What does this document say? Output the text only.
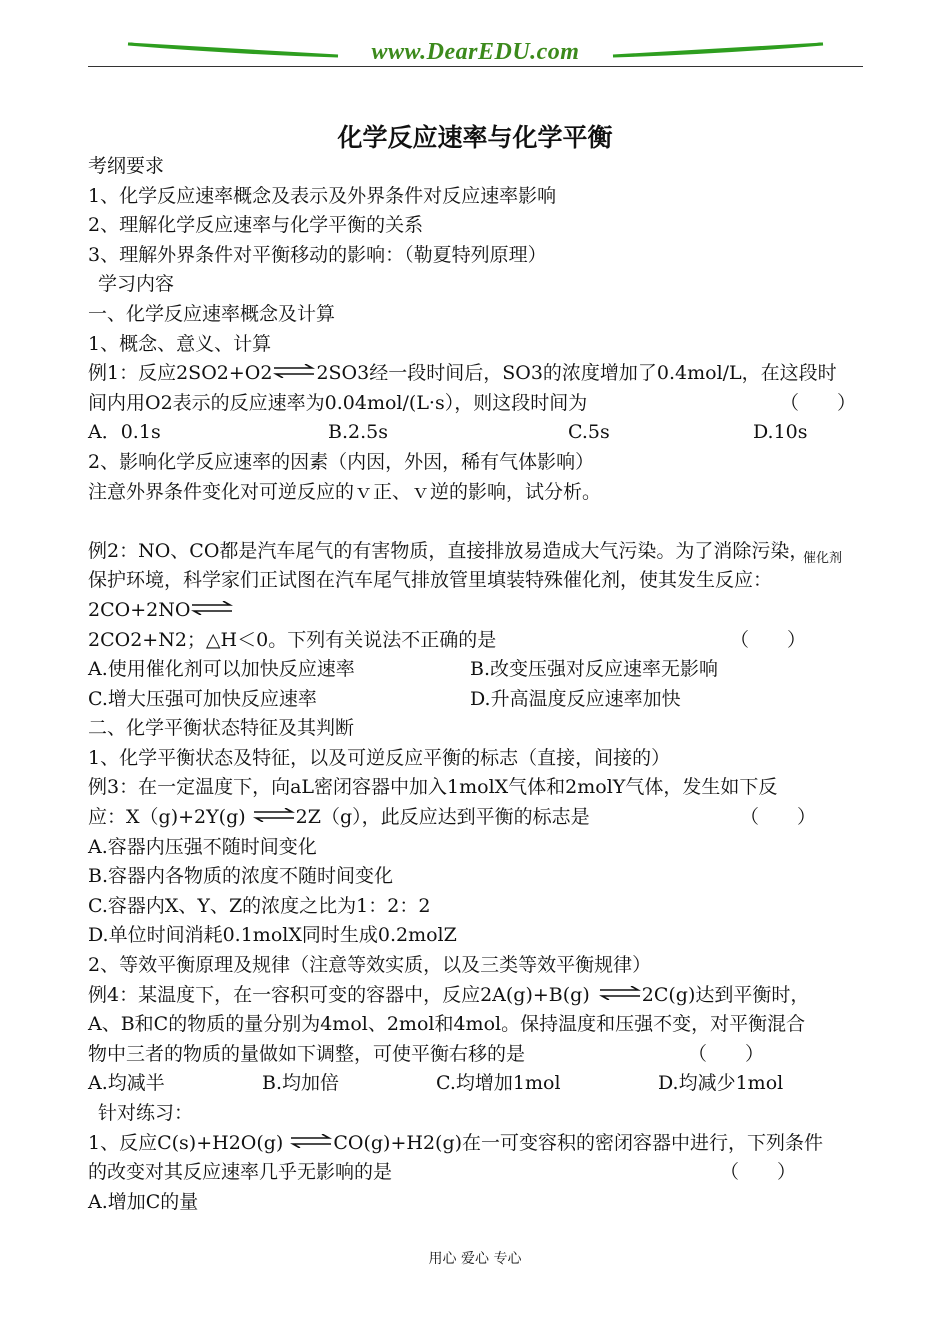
www.DearEDU.com
化学反应速率与化学平衡
考纲要求
1、化学反应速率概念及表示及外界条件对反应速率影响
2、理解化学反应速率与化学平衡的关系
3、理解外界条件对平衡移动的影响：（勒夏特列原理）
学习内容
一、化学反应速率概念及计算
1、概念、意义、计算
例1：反应2SO2+O2⇌2SO3经一段时间后，SO3的浓度增加了0.4mol/L，在这段时
间内用O2表示的反应速率为0.04mol/(L·s），则这段时间为	（　　）
A．0.1s	B.2.5s	C.5s	D.10s
2、影响化学反应速率的因素（内因，外因，稀有气体影响）
注意外界条件变化对可逆反应的ｖ正、ｖ逆的影响，试分析。
例2：NO、CO都是汽车尾气的有害物质，直接排放易造成大气污染。为了消除污染，
催化剂
保护环境，科学家们正试图在汽车尾气排放管里填装特殊催化剂，使其发生反应：
2CO+2NO⇌
2CO2+N2；△H＜0。下列有关说法不正确的是	（　　）
A.使用催化剂可以加快反应速率	B.改变压强对反应速率无影响
C.增大压强可加快反应速率	D.升高温度反应速率加快
二、化学平衡状态特征及其判断
1、化学平衡状态及特征，以及可逆反应平衡的标志（直接，间接的）
例3：在一定温度下，向aL密闭容器中加入1molX气体和2molY气体，发生如下反
应：X（g)+2Y(g) ⇌2Z（g），此反应达到平衡的标志是	（　　）
A.容器内压强不随时间变化
B.容器内各物质的浓度不随时间变化
C.容器内X、Y、Z的浓度之比为1：2：2
D.单位时间消耗0.1molX同时生成0.2molZ
2、等效平衡原理及规律（注意等效实质，以及三类等效平衡规律）
例4：某温度下，在一容积可变的容器中，反应2A(g)+B(g) ⇌2C(g)达到平衡时，
A、B和C的物质的量分别为4mol、2mol和4mol。保持温度和压强不变，对平衡混合
物中三者的物质的量做如下调整，可使平衡右移的是	（　　）
A.均减半	B.均加倍	C.均增加1mol	D.均减少1mol
针对练习：
1、反应C(s)+H2O(g) ⇌CO(g)+H2(g)在一可变容积的密闭容器中进行，下列条件
的改变对其反应速率几乎无影响的是	（　　）
A.增加C的量
用心 爱心 专心
